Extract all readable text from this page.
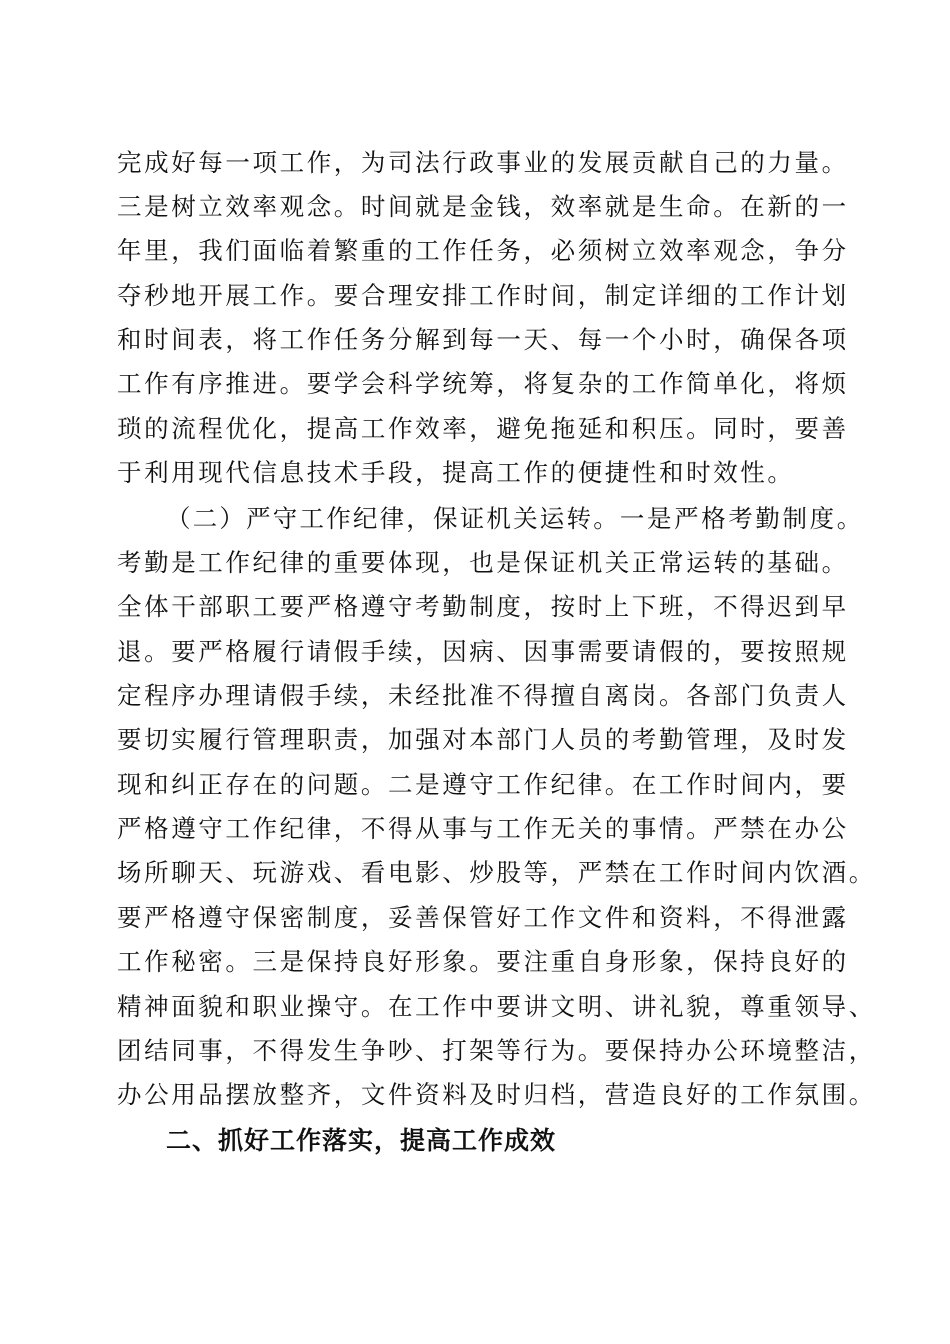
完成好每一项工作，为司法行政事业的发展贡献自己的力量。
三是树立效率观念。时间就是金钱，效率就是生命。在新的一
年里，我们面临着繁重的工作任务，必须树立效率观念，争分
夺秒地开展工作。要合理安排工作时间，制定详细的工作计划
和时间表，将工作任务分解到每一天、每一个小时，确保各项
工作有序推进。要学会科学统筹，将复杂的工作简单化，将烦
琐的流程优化，提高工作效率，避免拖延和积压。同时，要善
于利用现代信息技术手段，提高工作的便捷性和时效性。
（二）严守工作纪律，保证机关运转。一是严格考勤制度。
考勤是工作纪律的重要体现，也是保证机关正常运转的基础。
全体干部职工要严格遵守考勤制度，按时上下班，不得迟到早
退。要严格履行请假手续，因病、因事需要请假的，要按照规
定程序办理请假手续，未经批准不得擅自离岗。各部门负责人
要切实履行管理职责，加强对本部门人员的考勤管理，及时发
现和纠正存在的问题。二是遵守工作纪律。在工作时间内，要
严格遵守工作纪律，不得从事与工作无关的事情。严禁在办公
场所聊天、玩游戏、看电影、炒股等，严禁在工作时间内饮酒。
要严格遵守保密制度，妥善保管好工作文件和资料，不得泄露
工作秘密。三是保持良好形象。要注重自身形象，保持良好的
精神面貌和职业操守。在工作中要讲文明、讲礼貌，尊重领导、
团结同事，不得发生争吵、打架等行为。要保持办公环境整洁，
办公用品摆放整齐，文件资料及时归档，营造良好的工作氛围。
二、抓好工作落实，提高工作成效
